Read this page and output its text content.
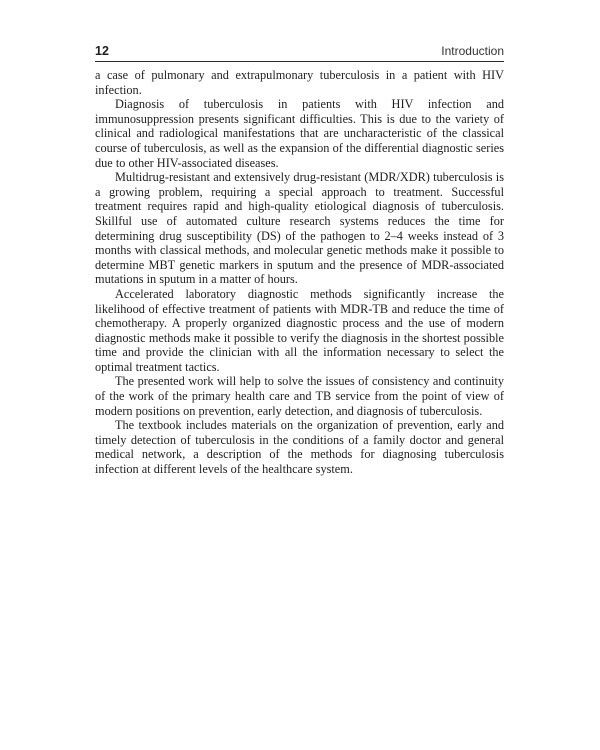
12	Introduction

a case of pulmonary and extrapulmonary tuberculosis in a patient with HIV infection.

Diagnosis of tuberculosis in patients with HIV infection and immunosuppression presents significant difficulties. This is due to the variety of clinical and radiological manifestations that are uncharacteristic of the classical course of tuberculosis, as well as the expansion of the differential diagnostic series due to other HIV-associated diseases.

Multidrug-resistant and extensively drug-resistant (MDR/XDR) tuberculosis is a growing problem, requiring a special approach to treatment. Successful treatment requires rapid and high-quality etiological diagnosis of tuberculosis. Skillful use of automated culture research systems reduces the time for determining drug susceptibility (DS) of the pathogen to 2–4 weeks instead of 3 months with classical methods, and molecular genetic methods make it possible to determine MBT genetic markers in sputum and the presence of MDR-associated mutations in sputum in a matter of hours.

Accelerated laboratory diagnostic methods significantly increase the likelihood of effective treatment of patients with MDR-TB and reduce the time of chemotherapy. A properly organized diagnostic process and the use of modern diagnostic methods make it possible to verify the diagnosis in the shortest possible time and provide the clinician with all the information necessary to select the optimal treatment tactics.

The presented work will help to solve the issues of consistency and continuity of the work of the primary health care and TB service from the point of view of modern positions on prevention, early detection, and diagnosis of tuberculosis.

The textbook includes materials on the organization of prevention, early and timely detection of tuberculosis in the conditions of a family doctor and general medical network, a description of the methods for diagnosing tuberculosis infection at different levels of the healthcare system.
